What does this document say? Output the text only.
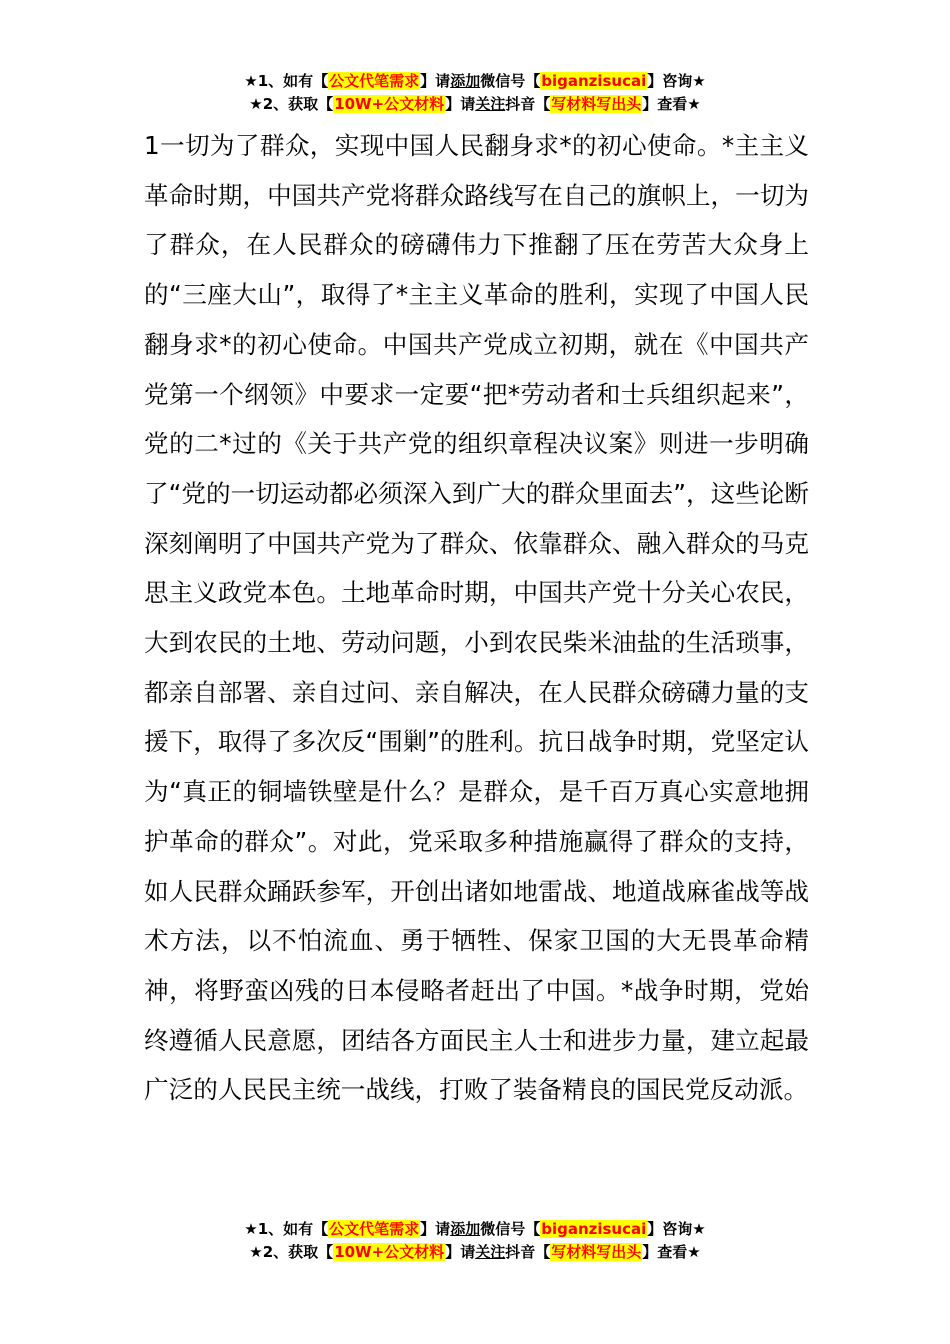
★1、如有【公文代笔需求】请添加微信号【biganzisucai】咨询★
★2、获取【10W+公文材料】请关注抖音【写材料写出头】查看★

1一切为了群众，实现中国人民翻身求*的初心使命。*主主义革命时期，中国共产党将群众路线写在自己的旗帜上，一切为了群众，在人民群众的磅礴伟力下推翻了压在劳苦大众身上的“三座大山”，取得了*主主义革命的胜利，实现了中国人民翻身求*的初心使命。中国共产党成立初期，就在《中国共产党第一个纲领》中要求一定要“把*劳动者和士兵组织起来”，党的二*过的《关于共产党的组织章程决议案》则进一步明确了“党的一切运动都必须深入到广大的群众里面去”，这些论断深刻阐明了中国共产党为了群众、依靠群众、融入群众的马克思主义政党本色。土地革命时期，中国共产党十分关心农民，大到农民的土地、劳动问题，小到农民柴米油盐的生活琐事，都亲自部署、亲自过问、亲自解决，在人民群众磅礴力量的支援下，取得了多次反“围剿”的胜利。抗日战争时期，党坚定认为“真正的铜墙铁壁是什么？是群众，是千百万真心实意地拥护革命的群众”。对此，党采取多种措施赢得了群众的支持，如人民群众踊跃参军，开创出诸如地雷战、地道战麻雀战等战术方法，以不怕流血、勇于牺牲、保家卫国的大无畏革命精神，将野蛮凶残的日本侵略者赶出了中国。*战争时期，党始终遵循人民意愿，团结各方面民主人士和进步力量，建立起最广泛的人民民主统一战线，打败了装备精良的国民党反动派。

★1、如有【公文代笔需求】请添加微信号【biganzisucai】咨询★
★2、获取【10W+公文材料】请关注抖音【写材料写出头】查看★
